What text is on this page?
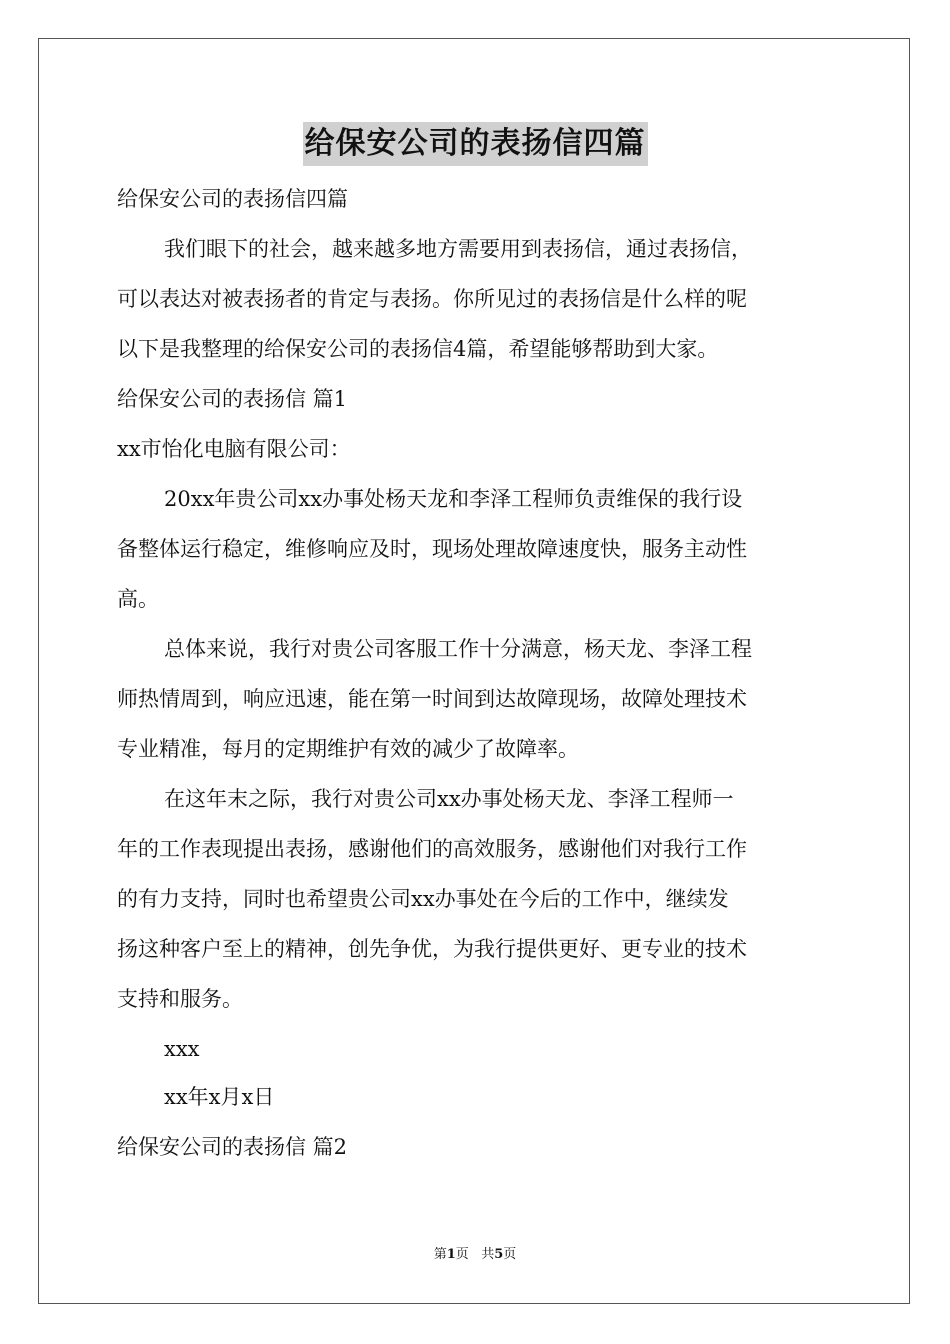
给保安公司的表扬信四篇
给保安公司的表扬信四篇
我们眼下的社会，越来越多地方需要用到表扬信，通过表扬信，
可以表达对被表扬者的肯定与表扬。你所见过的表扬信是什么样的呢
以下是我整理的给保安公司的表扬信4篇，希望能够帮助到大家。
给保安公司的表扬信 篇1
xx市怡化电脑有限公司：
20xx年贵公司xx办事处杨天龙和李泽工程师负责维保的我行设
备整体运行稳定，维修响应及时，现场处理故障速度快，服务主动性
高。
总体来说，我行对贵公司客服工作十分满意，杨天龙、李泽工程
师热情周到，响应迅速，能在第一时间到达故障现场，故障处理技术
专业精准，每月的定期维护有效的减少了故障率。
在这年末之际，我行对贵公司xx办事处杨天龙、李泽工程师一
年的工作表现提出表扬，感谢他们的高效服务，感谢他们对我行工作
的有力支持，同时也希望贵公司xx办事处在今后的工作中，继续发
扬这种客户至上的精神，创先争优，为我行提供更好、更专业的技术
支持和服务。
xxx
xx年x月x日
给保安公司的表扬信 篇2
第1页   共5页
